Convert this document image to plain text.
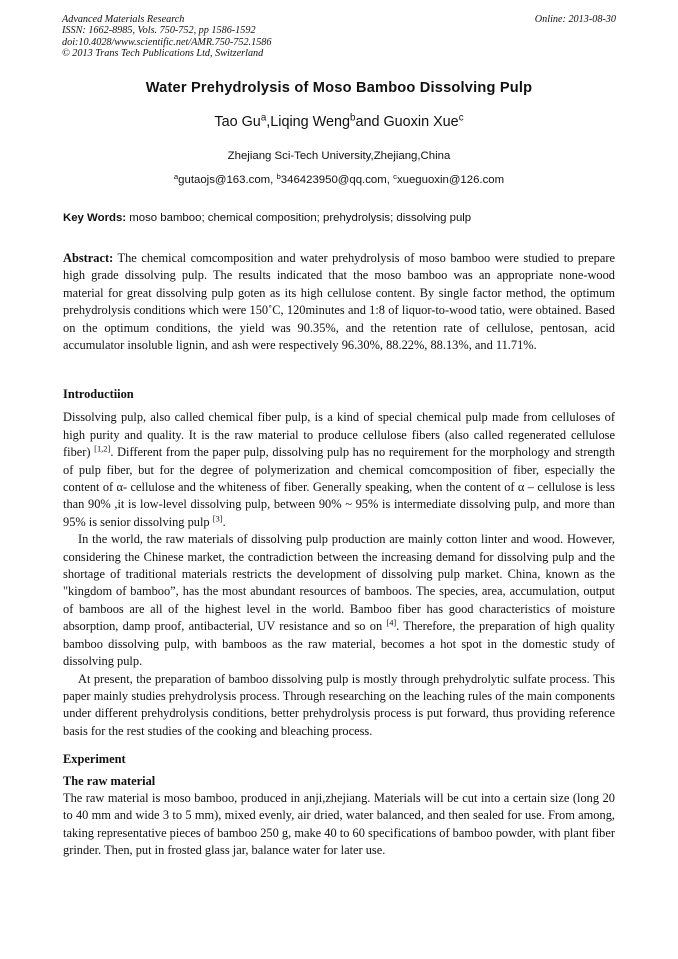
Advanced Materials Research
ISSN: 1662-8985, Vols. 750-752, pp 1586-1592
doi:10.4028/www.scientific.net/AMR.750-752.1586
© 2013 Trans Tech Publications Ltd, Switzerland
Online: 2013-08-30
Water Prehydrolysis of Moso Bamboo Dissolving Pulp
Tao Gu$^a$,Liqing Weng$^b$and Guoxin Xue$^c$
Zhejiang Sci-Tech University,Zhejiang,China
$^a$gutaojs@163.com, $^b$346423950@qq.com, $^c$xueguoxin@126.com
Key Words: moso bamboo; chemical composition; prehydrolysis; dissolving pulp

Abstract: The chemical comcomposition and water prehydrolysis of moso bamboo were studied to prepare high grade dissolving pulp. The results indicated that the moso bamboo was an appropriate none-wood material for great dissolving pulp goten as its high cellulose content. By single factor method, the optimum prehydrolysis conditions which were 150˚C, 120minutes and 1:8 of liquor-to-wood tatio, were obtained. Based on the optimum conditions, the yield was 90.35%, and the retention rate of cellulose, pentosan, acid accumulator insoluble lignin, and ash were respectively 96.30%, 88.22%, 88.13%, and 11.71%.

Introductiion

Dissolving pulp, also called chemical fiber pulp, is a kind of special chemical pulp made from celluloses of high purity and quality. It is the raw material to produce cellulose fibers (also called regenerated cellulose fiber) [1,2]. Different from the paper pulp, dissolving pulp has no requirement for the morphology and strength of pulp fiber, but for the degree of polymerization and chemical comcomposition of fiber, especially the content of α- cellulose and the whiteness of fiber. Generally speaking, when the content of α – cellulose is less than 90% ,it is low-level dissolving pulp, between 90% ~ 95% is intermediate dissolving pulp, and more than 95% is senior dissolving pulp [3].

In the world, the raw materials of dissolving pulp production are mainly cotton linter and wood. However, considering the Chinese market, the contradiction between the increasing demand for dissolving pulp and the shortage of traditional materials restricts the development of dissolving pulp market. China, known as the "kingdom of bamboo”, has the most abundant resources of bamboos. The species, area, accumulation, output of bamboos are all of the highest level in the world. Bamboo fiber has good characteristics of moisture absorption, damp proof, antibacterial, UV resistance and so on [4]. Therefore, the preparation of high quality bamboo dissolving pulp, with bamboos as the raw material, becomes a hot spot in the domestic study of dissolving pulp.

At present, the preparation of bamboo dissolving pulp is mostly through prehydrolytic sulfate process. This paper mainly studies prehydrolysis process. Through researching on the leaching rules of the main components under different prehydrolysis conditions, better prehydrolysis process is put forward, thus providing reference basis for the rest studies of the cooking and bleaching process.

Experiment

The raw material

The raw material is moso bamboo, produced in anji,zhejiang. Materials will be cut into a certain size (long 20 to 40 mm and wide 3 to 5 mm), mixed evenly, air dried, water balanced, and then sealed for use. From among, taking representative pieces of bamboo 250 g, make 40 to 60 specifications of bamboo powder, with plant fiber grinder. Then, put in frosted glass jar, balance water for later use.
